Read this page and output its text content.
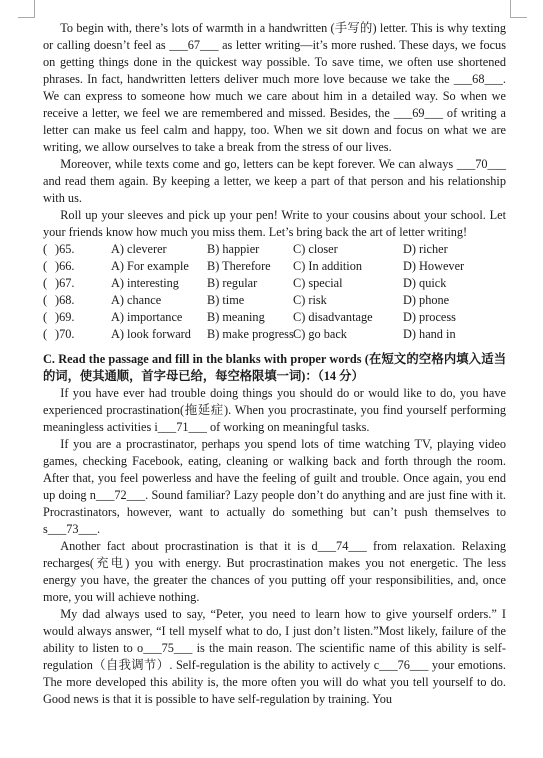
To begin with, there’s lots of warmth in a handwritten (手写的) letter. This is why texting or calling doesn’t feel as ___67___ as letter writing—it’s more rushed. These days, we focus on getting things done in the quickest way possible. To save time, we often use shortened phrases. In fact, handwritten letters deliver much more love because we take the ___68___. We can express to someone how much we care about him in a detailed way. So when we receive a letter, we feel we are remembered and missed. Besides, the ___69___ of writing a letter can make us feel calm and happy, too. When we sit down and focus on what we are writing, we allow ourselves to take a break from the stress of our lives.

Moreover, while texts come and go, letters can be kept forever. We can always ___70___ and read them again. By keeping a letter, we keep a part of that person and his relationship with us.

Roll up your sleeves and pick up your pen! Write to your cousins about your school. Let your friends know how much you miss them. Let’s bring back the art of letter writing!

( )65.	A) cleverer	B) happier	C) closer	D) richer
( )66.	A) For example	B) Therefore	C) In addition	D) However
( )67.	A) interesting	B) regular	C) special	D) quick
( )68.	A) chance	B) time	C) risk	D) phone
( )69.	A) importance	B) meaning	C) disadvantage	D) process
( )70.	A) look forward	B) make progress C) go back	D) hand in

C. Read the passage and fill in the blanks with proper words (在短文的空格内填入适当的词，使其通顺，首字母已给，每空格限填一词)：（14 分）

If you have ever had trouble doing things you should do or would like to do, you have experienced procrastination(拖延症). When you procrastinate, you find yourself performing meaningless activities i___71___ of working on meaningful tasks.

If you are a procrastinator, perhaps you spend lots of time watching TV, playing video games, checking Facebook, eating, cleaning or walking back and forth through the room. After that, you feel powerless and have the feeling of guilt and trouble. Once again, you end up doing n___72___. Sound familiar? Lazy people don’t do anything and are just fine with it. Procrastinators, however, want to actually do something but can’t push themselves to s___73___.

Another fact about procrastination is that it is d___74___ from relaxation. Relaxing recharges(充电) you with energy. But procrastination makes you not energetic. The less energy you have, the greater the chances of you putting off your responsibilities, and, once more, you will achieve nothing.

My dad always used to say, “Peter, you need to learn how to give yourself orders.” I would always answer, “I tell myself what to do, I just don’t listen.”Most likely, failure of the ability to listen to o___75___ is the main reason. The scientific name of this ability is self-regulation（自我调节）. Self-regulation is the ability to actively c___76___ your emotions. The more developed this ability is, the more often you will do what you tell yourself to do. Good news is that it is possible to have self-regulation by training. You
